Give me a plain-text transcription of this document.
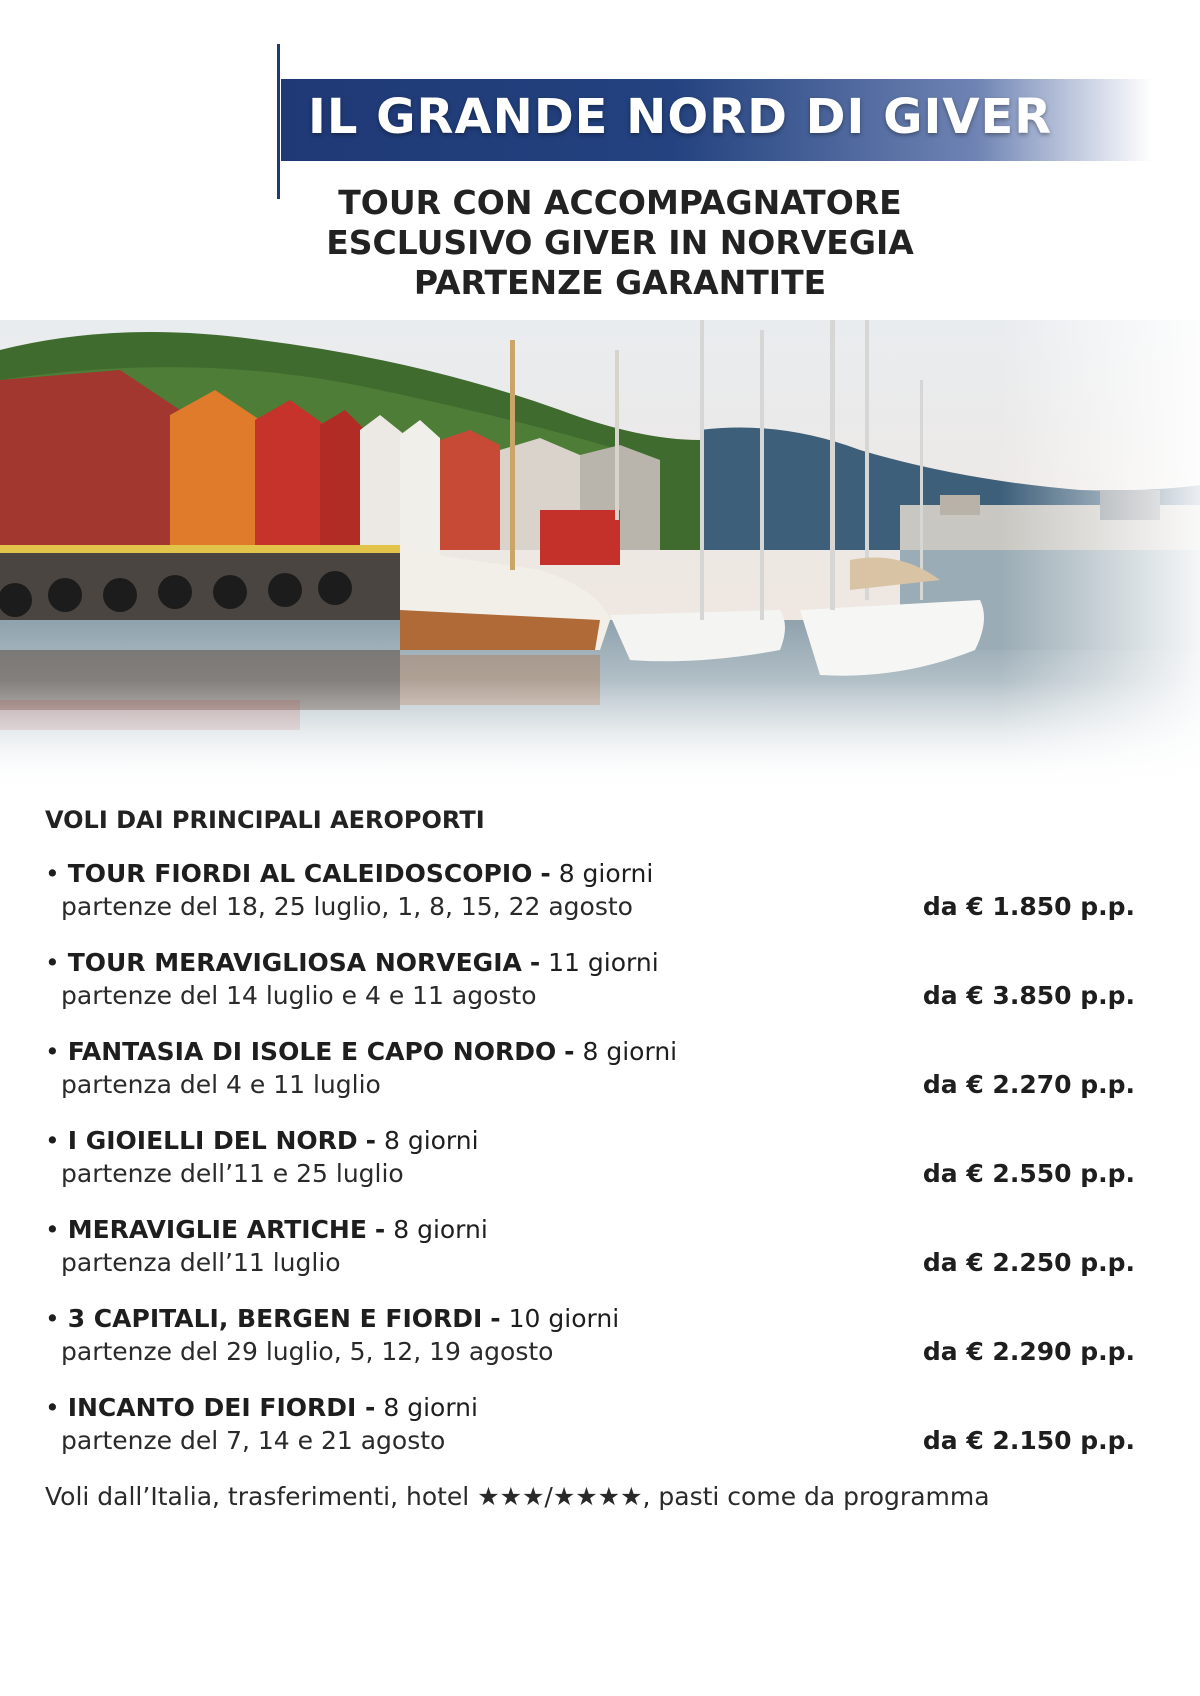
IL GRANDE NORD DI GIVER
TOUR CON ACCOMPAGNATORE
ESCLUSIVO GIVER IN NORVEGIA
PARTENZE GARANTITE
VOLI DAI PRINCIPALI AEROPORTI
• TOUR FIORDI AL CALEIDOSCOPIO - 8 giorni
partenze del 18, 25 luglio, 1, 8, 15, 22 agosto	da € 1.850 p.p.
• TOUR MERAVIGLIOSA NORVEGIA - 11 giorni
partenze del 14 luglio e 4 e 11 agosto	da € 3.850 p.p.
• FANTASIA DI ISOLE E CAPO NORDO - 8 giorni
partenza del 4 e 11 luglio	da € 2.270 p.p.
• I GIOIELLI DEL NORD - 8 giorni
partenze dell’11 e 25 luglio	da € 2.550 p.p.
• MERAVIGLIE ARTICHE - 8 giorni
partenza dell’11 luglio	da € 2.250 p.p.
• 3 CAPITALI, BERGEN E FIORDI - 10 giorni
partenze del 29 luglio, 5, 12, 19 agosto	da € 2.290 p.p.
• INCANTO DEI FIORDI - 8 giorni
partenze del 7, 14 e 21 agosto	da € 2.150 p.p.
Voli dall’Italia, trasferimenti, hotel ★★★/★★★★, pasti come da programma
